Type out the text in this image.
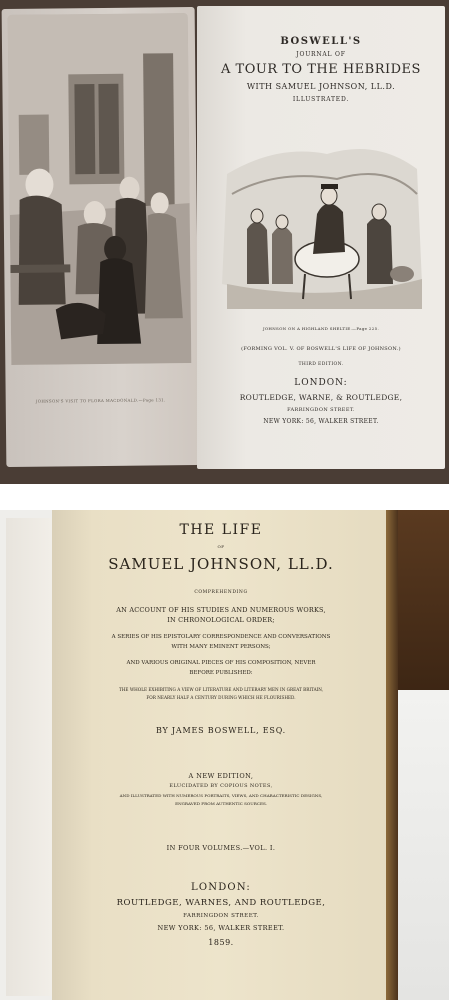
JOHNSON'S VISIT TO FLORA MACDONALD.—Page 131.
BOSWELL'S
JOURNAL OF
A TOUR TO THE HEBRIDES
WITH SAMUEL JOHNSON, LL.D.
ILLUSTRATED.
JOHNSON ON A HIGHLAND SHELTIE.—Page 225.
(FORMING VOL. V. OF BOSWELL'S LIFE OF JOHNSON.)
THIRD EDITION.
LONDON:
ROUTLEDGE, WARNE, & ROUTLEDGE,
FARRINGDON STREET.
NEW YORK: 56, WALKER STREET.
THE LIFE
OF
SAMUEL JOHNSON, LL.D.
COMPREHENDING
AN ACCOUNT OF HIS STUDIES AND NUMEROUS WORKS,
IN CHRONOLOGICAL ORDER;
A SERIES OF HIS EPISTOLARY CORRESPONDENCE AND CONVERSATIONS
WITH MANY EMINENT PERSONS;
AND VARIOUS ORIGINAL PIECES OF HIS COMPOSITION, NEVER
BEFORE PUBLISHED:
THE WHOLE EXHIBITING A VIEW OF LITERATURE AND LITERARY MEN IN GREAT BRITAIN,
FOR NEARLY HALF A CENTURY DURING WHICH HE FLOURISHED.
BY JAMES BOSWELL, ESQ.
A NEW EDITION,
ELUCIDATED BY COPIOUS NOTES,
AND ILLUSTRATED WITH NUMEROUS PORTRAITS, VIEWS, AND CHARACTERISTIC DESIGNS,
ENGRAVED FROM AUTHENTIC SOURCES.
IN FOUR VOLUMES.—VOL. I.
LONDON:
ROUTLEDGE, WARNES, AND ROUTLEDGE,
FARRINGDON STREET.
NEW YORK: 56, WALKER STREET.
1859.
